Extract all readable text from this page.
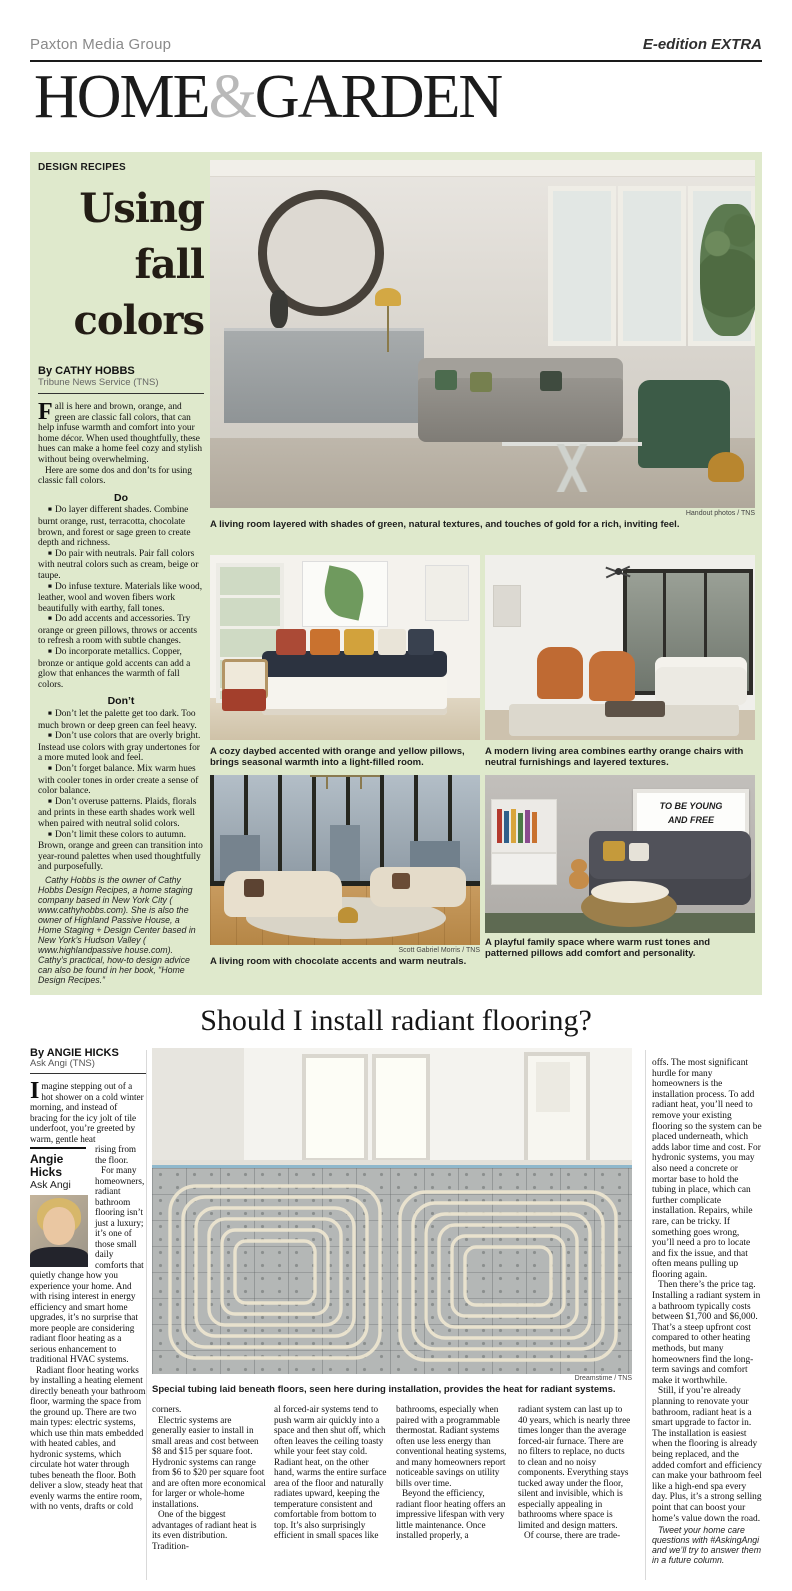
Paxton Media Group	E-edition EXTRA
HOME&GARDEN
DESIGN RECIPES
Using fall colors
By CATHY HOBBS
Tribune News Service (TNS)

Fall is here and brown, orange, and green are classic fall colors, that can help infuse warmth and comfort into your home décor. When used thoughtfully, these hues can make a home feel cozy and stylish without being overwhelming.

Here are some dos and don’ts for using classic fall colors.

Do
■ Do layer different shades. Combine burnt orange, rust, terracotta, chocolate brown, and forest or sage green to create depth and richness.
■ Do pair with neutrals. Pair fall colors with neutral colors such as cream, beige or taupe.
■ Do infuse texture. Materials like wood, leather, wool and woven fibers work beautifully with earthy, fall tones.
■ Do add accents and accessories. Try orange or green pillows, throws or accents to refresh a room with subtle changes.
■ Do incorporate metallics. Copper, bronze or antique gold accents can add a glow that enhances the warmth of fall colors.
Don’t
■ Don’t let the palette get too dark. Too much brown or deep green can feel heavy.
■ Don’t use colors that are overly bright. Instead use colors with gray undertones for a more muted look and feel.
■ Don’t forget balance. Mix warm hues with cooler tones in order create a sense of color balance.
■ Don’t overuse patterns. Plaids, florals and prints in these earth shades work well when paired with neutral solid colors.
■ Don’t limit these colors to autumn. Brown, orange and green can transition into year-round palettes when used thoughtfully and purposefully.
Cathy Hobbs is the owner of Cathy Hobbs Design Recipes, a home staging company based in New York City ( www.cathyhobbs.com). She is also the owner of Highland Passive House, a Home Staging + Design Center based in New York’s Hudson Valley ( www.highlandpassive house.com). Cathy’s practical, how-to design advice can also be found in her book, “Home Design Recipes.”
Handout photos / TNS
A living room layered with shades of green, natural textures, and touches of gold for a rich, inviting feel.
A cozy daybed accented with orange and yellow pillows, brings seasonal warmth into a light-filled room.
A modern living area combines earthy orange chairs with neutral furnishings and layered textures.
Scott Gabriel Morris / TNS
A living room with chocolate accents and warm neutrals.
TO BE YOUNG
AND FREE
A playful family space where warm rust tones and patterned pillows add comfort and personality.
Should I install radiant flooring?
By ANGIE HICKS
Ask Angi (TNS)

Imagine stepping out of a hot shower on a cold winter morning, and instead of bracing for the icy jolt of tile underfoot, you’re greeted by warm, gentle heat

Angie
Hicks
Ask Angi

rising from the floor.

For many homeowners, radiant bathroom flooring isn’t just a luxury; it’s one of those small daily comforts that quietly change how you experience your home. And with rising interest in energy efficiency and smart home upgrades, it’s no surprise that more people are considering radiant floor heating as a serious enhancement to traditional HVAC systems.

Radiant floor heating works by installing a heating element directly beneath your bathroom floor, warming the space from the ground up. There are two main types: electric systems, which use thin mats embedded with heated cables, and hydronic systems, which circulate hot water through tubes beneath the floor. Both deliver a slow, steady heat that evenly warms the entire room, with no vents, drafts or cold

Dreamstime / TNS
Special tubing laid beneath floors, seen here during installation, provides the heat for radiant systems.

corners.

Electric systems are generally easier to install in small areas and cost between $8 and $15 per square foot. Hydronic systems can range from $6 to $20 per square foot and are often more economical for larger or whole-home installations.

One of the biggest advantages of radiant heat is its even distribution. Tradition-

al forced-air systems tend to push warm air quickly into a space and then shut off, which often leaves the ceiling toasty while your feet stay cold. Radiant heat, on the other hand, warms the entire surface area of the floor and naturally radiates upward, keeping the temperature consistent and comfortable from bottom to top. It’s also surprisingly efficient in small spaces like

bathrooms, especially when paired with a programmable thermostat. Radiant systems often use less energy than conventional heating systems, and many homeowners report noticeable savings on utility bills over time.

Beyond the efficiency, radiant floor heating offers an impressive lifespan with very little maintenance. Once installed properly, a

radiant system can last up to 40 years, which is nearly three times longer than the average forced-air furnace. There are no filters to replace, no ducts to clean and no noisy components. Everything stays tucked away under the floor, silent and invisible, which is especially appealing in bathrooms where space is limited and design matters.

Of course, there are trade-

offs. The most significant hurdle for many homeowners is the installation process. To add radiant heat, you’ll need to remove your existing flooring so the system can be placed underneath, which adds labor time and cost. For hydronic systems, you may also need a concrete or mortar base to hold the tubing in place, which can further complicate installation. Repairs, while rare, can be tricky. If something goes wrong, you’ll need a pro to locate and fix the issue, and that often means pulling up flooring again.

Then there’s the price tag. Installing a radiant system in a bathroom typically costs between $1,700 and $6,000. That’s a steep upfront cost compared to other heating methods, but many homeowners find the long-term savings and comfort make it worthwhile.

Still, if you’re already planning to renovate your bathroom, radiant heat is a smart upgrade to factor in. The installation is easiest when the flooring is already being replaced, and the added comfort and efficiency can make your bathroom feel like a high-end spa every day. Plus, it’s a strong selling point that can boost your home’s value down the road.

Tweet your home care questions with #AskingAngi and we’ll try to answer them in a future column.
